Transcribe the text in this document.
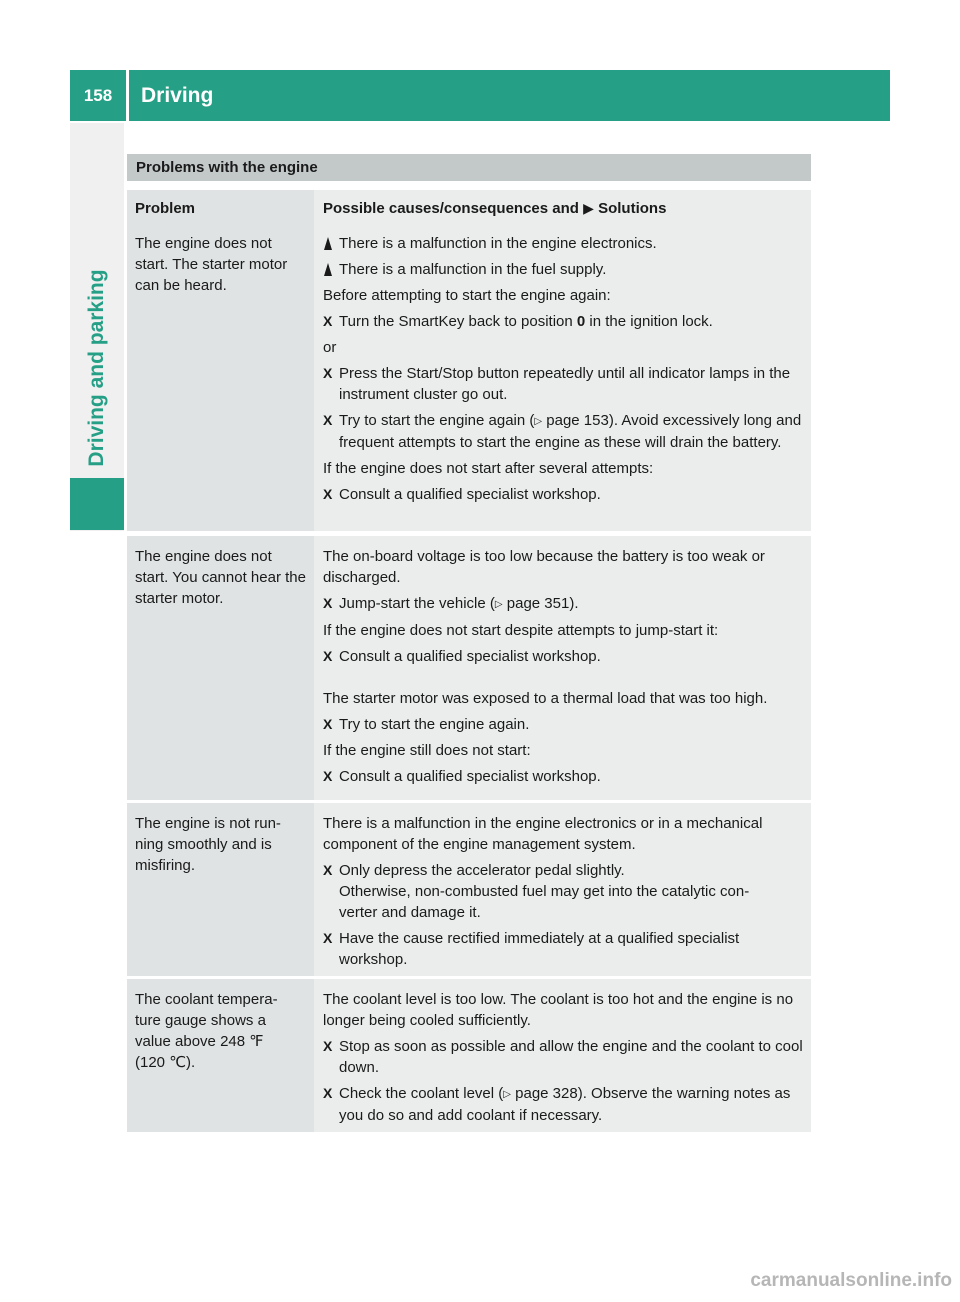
158	Driving
Driving and parking
Problems with the engine
Problem	Possible causes/consequences and ▶ Solutions
The engine does not start. The starter motor can be heard.
There is a malfunction in the engine electronics.
There is a malfunction in the fuel supply.

Before attempting to start the engine again:

X Turn the SmartKey back to position 0 in the ignition lock.

or

X Press the Start/Stop button repeatedly until all indicator lamps in the instrument cluster go out.
X Try to start the engine again (▷ page 153). Avoid excessively long and frequent attempts to start the engine as these will drain the battery.

If the engine does not start after several attempts:

X Consult a qualified specialist workshop.
The engine does not start. You cannot hear the starter motor.

The on-board voltage is too low because the battery is too weak or discharged.

X Jump-start the vehicle (▷ page 351).

If the engine does not start despite attempts to jump-start it:

X Consult a qualified specialist workshop.

The starter motor was exposed to a thermal load that was too high.

X Try to start the engine again.

If the engine still does not start:

X Consult a qualified specialist workshop.
The engine is not run-
ning smoothly and is
misfiring.

There is a malfunction in the engine electronics or in a mechanical component of the engine management system.

X Only depress the accelerator pedal slightly.
Otherwise, non-combusted fuel may get into the catalytic con-
verter and damage it.
X Have the cause rectified immediately at a qualified specialist workshop.
The coolant tempera-
ture gauge shows a
value above 248 ℉
(120 ℃).

The coolant level is too low. The coolant is too hot and the engine is no longer being cooled sufficiently.

X Stop as soon as possible and allow the engine and the coolant to cool down.
X Check the coolant level (▷ page 328). Observe the warning notes as you do so and add coolant if necessary.
carmanualsonline.info
